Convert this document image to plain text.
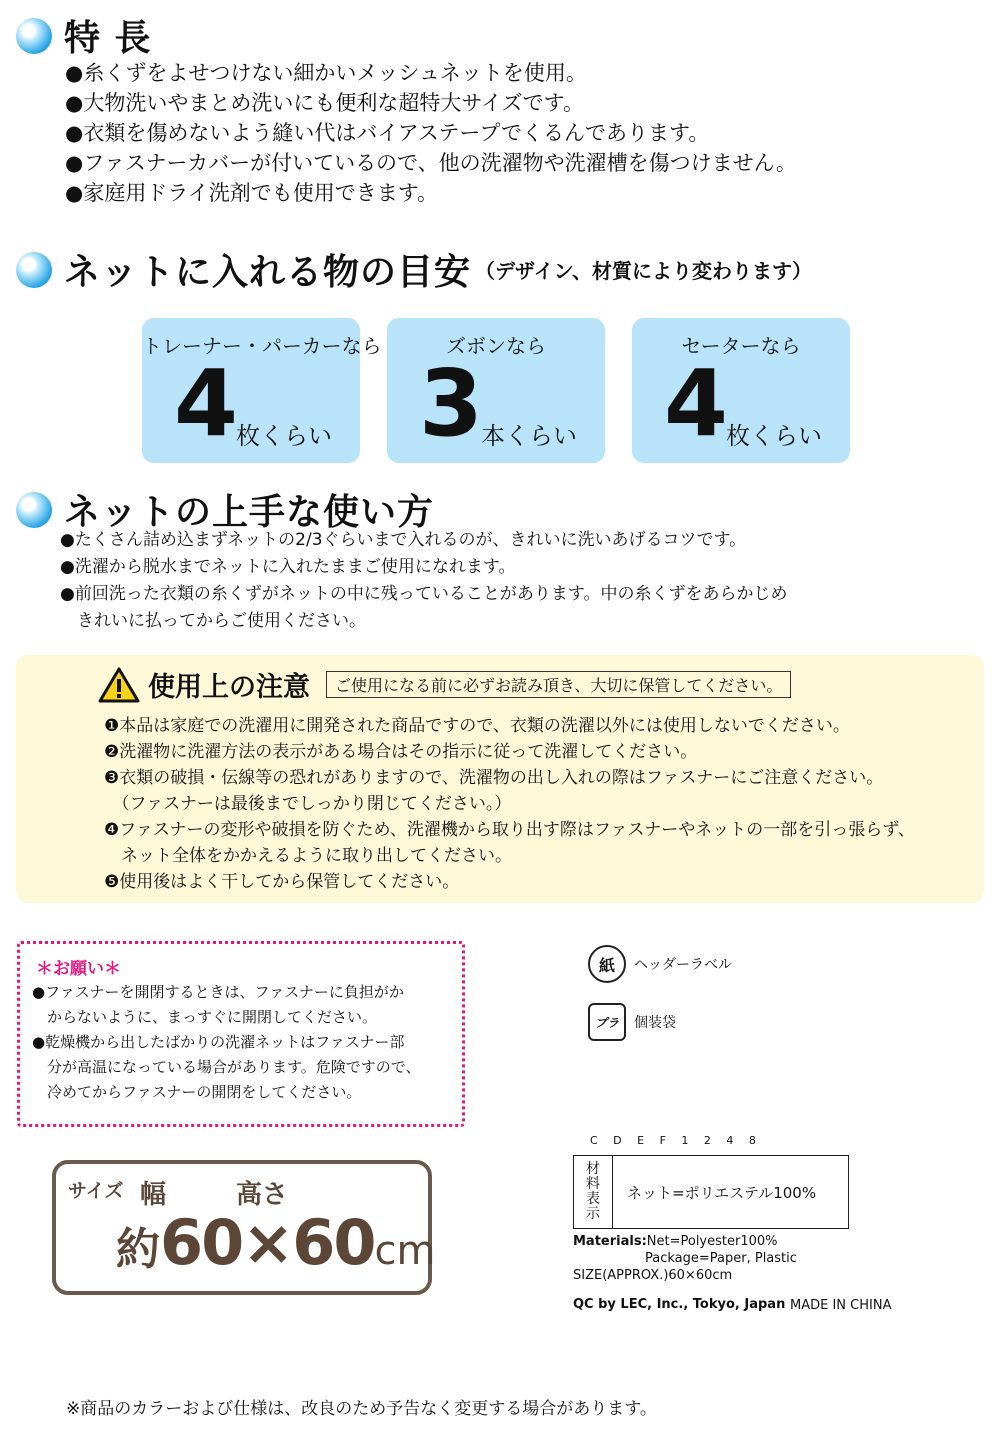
特 長
●糸くずをよせつけない細かいメッシュネットを使用。
●大物洗いやまとめ洗いにも便利な超特大サイズです。
●衣類を傷めないよう縫い代はバイアステープでくるんであります。
●ファスナーカバーが付いているので、他の洗濯物や洗濯槽を傷つけません。
●家庭用ドライ洗剤でも使用できます。
ネットに入れる物の目安 （デザイン、材質により変わります）
トレーナー・パーカーなら
4
枚くらい
ズボンなら
3
本くらい
セーターなら
4
枚くらい
ネットの上手な使い方
●たくさん詰め込まずネットの2/3ぐらいまで入れるのが、きれいに洗いあげるコツです。
●洗濯から脱水までネットに入れたままご使用になれます。
●前回洗った衣類の糸くずがネットの中に残っていることがあります。中の糸くずをあらかじめ
　きれいに払ってからご使用ください。
使用上の注意	ご使用になる前に必ずお読み頂き、大切に保管してください。
❶本品は家庭での洗濯用に開発された商品ですので、衣類の洗濯以外には使用しないでください。
❷洗濯物に洗濯方法の表示がある場合はその指示に従って洗濯してください。
❸衣類の破損・伝線等の恐れがありますので、洗濯物の出し入れの際はファスナーにご注意ください。
　（ファスナーは最後までしっかり閉じてください。）
❹ファスナーの変形や破損を防ぐため、洗濯機から取り出す際はファスナーやネットの一部を引っ張らず、
　ネット全体をかかえるように取り出してください。
❺使用後はよく干してから保管してください。
＊お願い＊
●ファスナーを開閉するときは、ファスナーに負担がか
　からないように、まっすぐに開閉してください。
●乾燥機から出したばかりの洗濯ネットはファスナー部
　分が高温になっている場合があります。危険ですので、
　冷めてからファスナーの開閉をしてください。
紙	ヘッダーラベル
プラ	個装袋
サイズ 幅	高さ
約 60×60 cm
C D E F 1 2 4 8
材料表示	ネット=ポリエステル100%
Materials:Net=Polyester100%
Package=Paper, Plastic
SIZE(APPROX.)60×60cm
QC by LEC, Inc., Tokyo, Japan MADE IN CHINA
※商品のカラーおよび仕様は、改良のため予告なく変更する場合があります。
